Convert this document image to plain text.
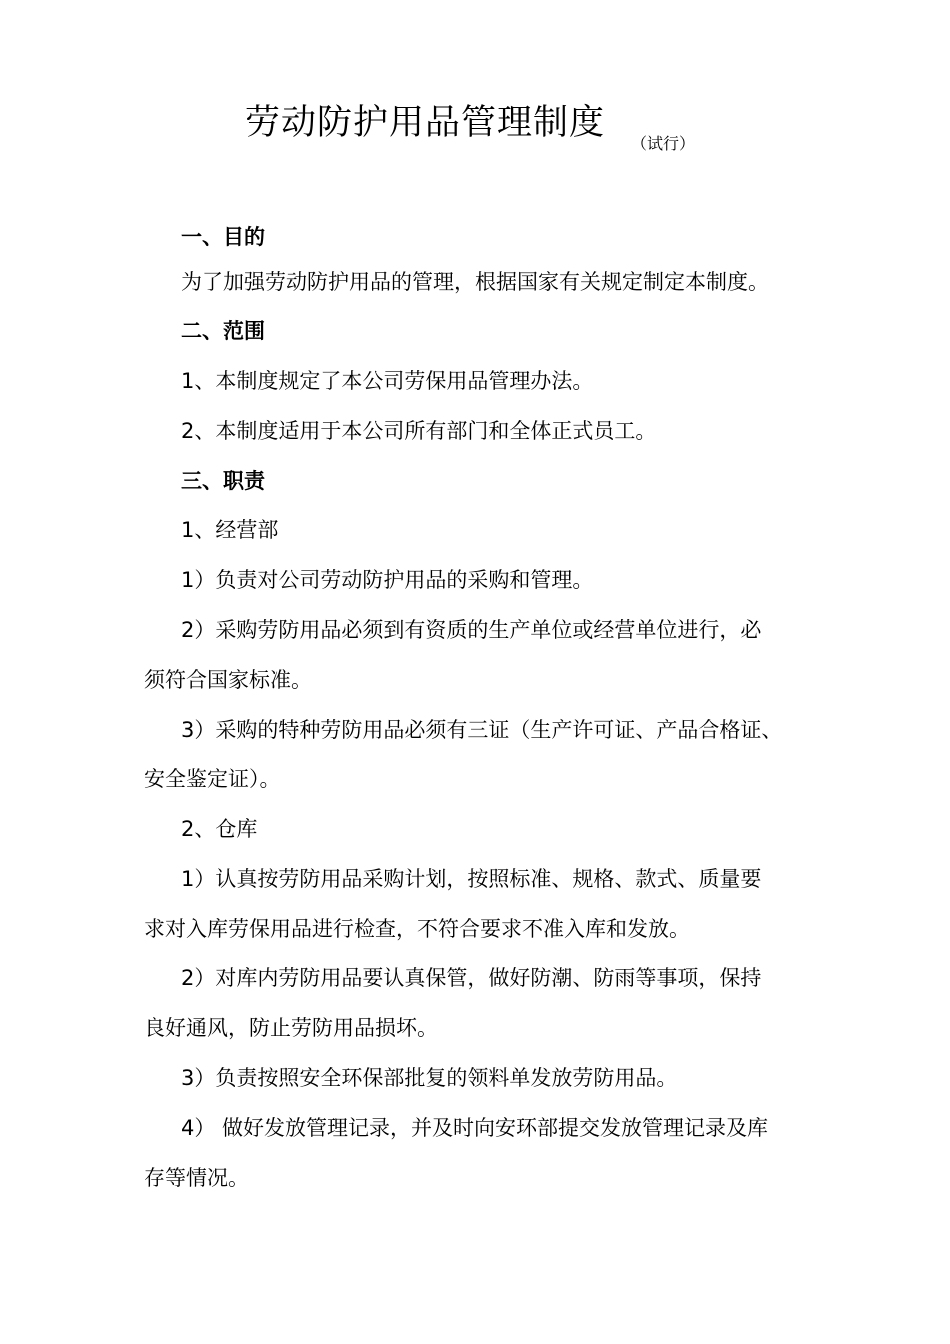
劳动防护用品管理制度
（试行）
一、目的
为了加强劳动防护用品的管理，根据国家有关规定制定本制度。
二、范围
1、本制度规定了本公司劳保用品管理办法。
2、本制度适用于本公司所有部门和全体正式员工。
三、职责
1、经营部
1）负责对公司劳动防护用品的采购和管理。
2）采购劳防用品必须到有资质的生产单位或经营单位进行，必
须符合国家标准。
3）采购的特种劳防用品必须有三证（生产许可证、产品合格证、
安全鉴定证）。
2、仓库
1）认真按劳防用品采购计划，按照标准、规格、款式、质量要
求对入库劳保用品进行检查，不符合要求不准入库和发放。
2）对库内劳防用品要认真保管，做好防潮、防雨等事项，保持
良好通风，防止劳防用品损坏。
3）负责按照安全环保部批复的领料单发放劳防用品。
4） 做好发放管理记录，并及时向安环部提交发放管理记录及库
存等情况。
